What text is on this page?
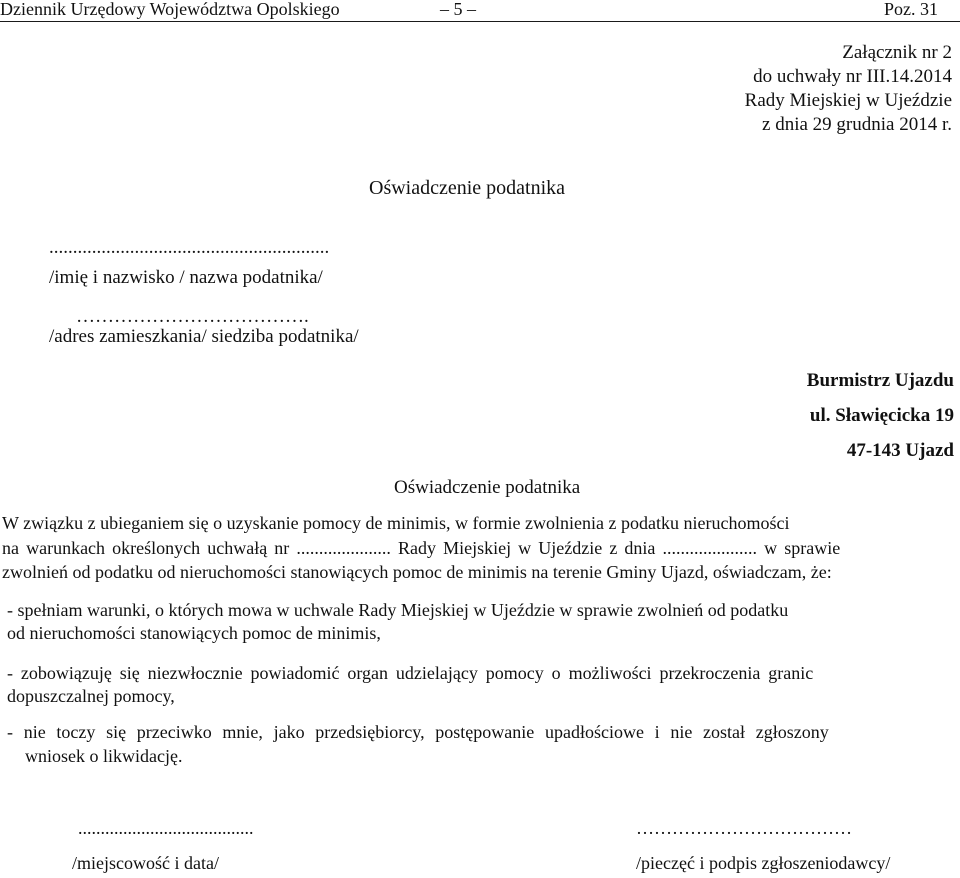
Dziennik Urzędowy Województwa Opolskiego	– 5 –	Poz. 31
Załącznik nr 2
do uchwały nr III.14.2014
Rady Miejskiej w Ujeździe
z dnia 29 grudnia 2014 r.
Oświadczenie podatnika
...........................................................
/imię i nazwisko / nazwa podatnika/
……………………………….
/adres zamieszkania/ siedziba podatnika/
Burmistrz Ujazdu
ul. Sławięcicka 19
47-143 Ujazd
Oświadczenie podatnika
W związku z ubieganiem się o uzyskanie pomocy de minimis, w formie zwolnienia z podatku nieruchomości
na warunkach określonych uchwałą nr ..................... Rady Miejskiej w Ujeździe z dnia ..................... w sprawie
zwolnień od podatku od nieruchomości stanowiących pomoc de minimis na terenie Gminy Ujazd, oświadczam, że:
- spełniam warunki, o których mowa w uchwale Rady Miejskiej w Ujeździe w sprawie zwolnień od podatku
od nieruchomości stanowiących pomoc de minimis,
- zobowiązuję się niezwłocznie powiadomić organ udzielający pomocy o możliwości przekroczenia granic
dopuszczalnej pomocy,
- nie toczy się przeciwko mnie, jako przedsiębiorcy, postępowanie upadłościowe i nie został zgłoszony
wniosek o likwidację.
.......................................
/miejscowość i data/
………………………………
/pieczęć i podpis zgłoszeniodawcy/
